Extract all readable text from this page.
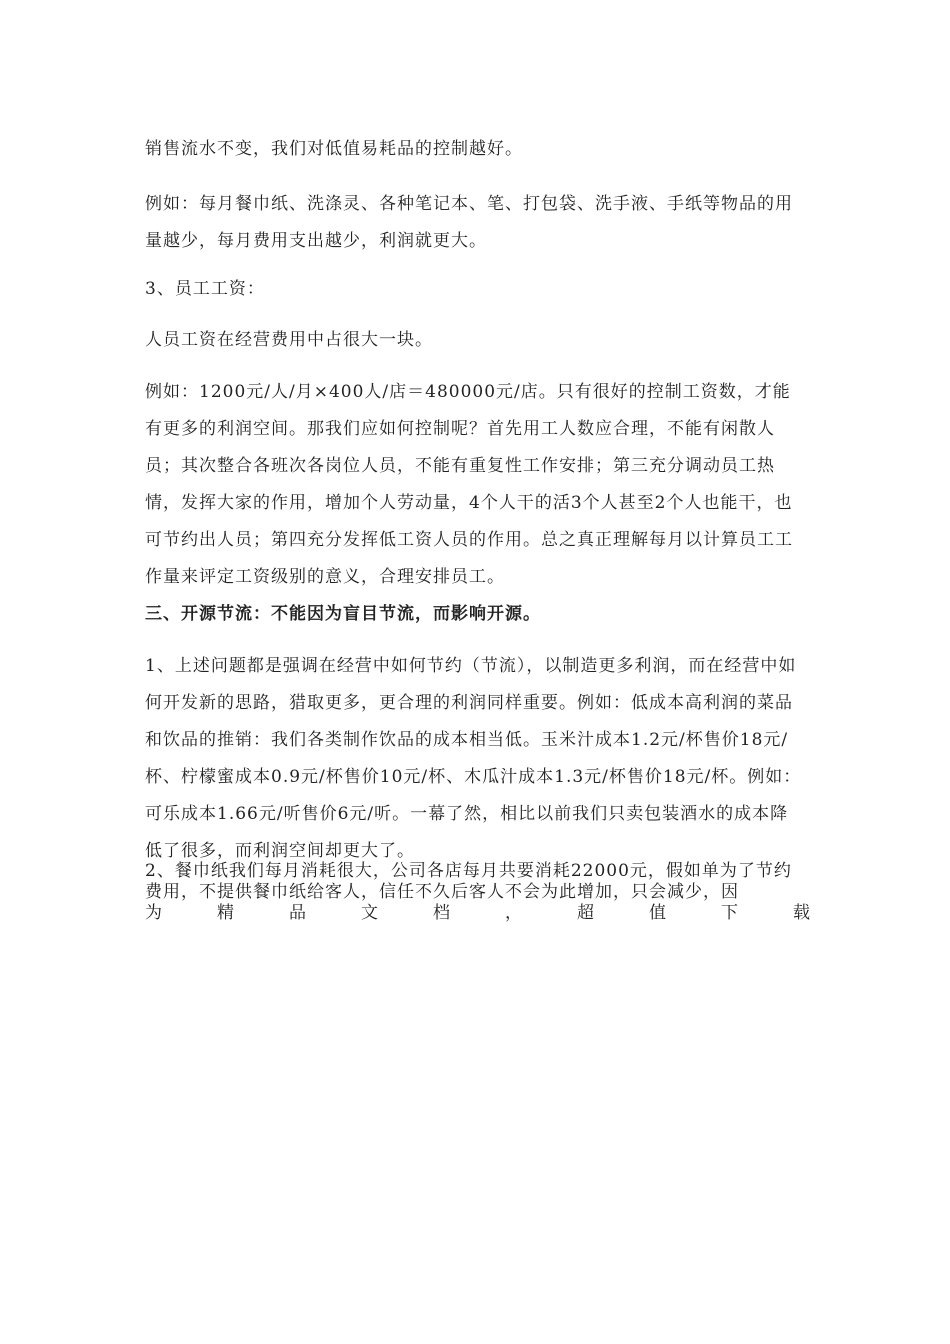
销售流水不变，我们对低值易耗品的控制越好。

例如：每月餐巾纸、洗涤灵、各种笔记本、笔、打包袋、洗手液、手纸等物品的用量越少，每月费用支出越少，利润就更大。

3、员工工资：

人员工资在经营费用中占很大一块。

例如：1200元/人/月×400人/店＝480000元/店。只有很好的控制工资数，才能有更多的利润空间。那我们应如何控制呢？首先用工人数应合理，不能有闲散人员；其次整合各班次各岗位人员，不能有重复性工作安排；第三充分调动员工热情，发挥大家的作用，增加个人劳动量，4个人干的活3个人甚至2个人也能干，也可节约出人员；第四充分发挥低工资人员的作用。总之真正理解每月以计算员工工作量来评定工资级别的意义，合理安排员工。

三、开源节流：不能因为盲目节流，而影响开源。

1、上述问题都是强调在经营中如何节约（节流），以制造更多利润，而在经营中如何开发新的思路，猎取更多，更合理的利润同样重要。例如：低成本高利润的菜品和饮品的推销：我们各类制作饮品的成本相当低。玉米汁成本1.2元/杯售价18元/杯、柠檬蜜成本0.9元/杯售价10元/杯、木瓜汁成本1.3元/杯售价18元/杯。例如：可乐成本1.66元/听售价6元/听。一幕了然，相比以前我们只卖包装酒水的成本降低了很多，而利润空间却更大了。

2、餐巾纸我们每月消耗很大，公司各店每月共要消耗22000元，假如单为了节约费用，不提供餐巾纸给客人，信任不久后客人不会为此增加，只会减少，因

为	精	品	文	档	，	超	值	下	载
